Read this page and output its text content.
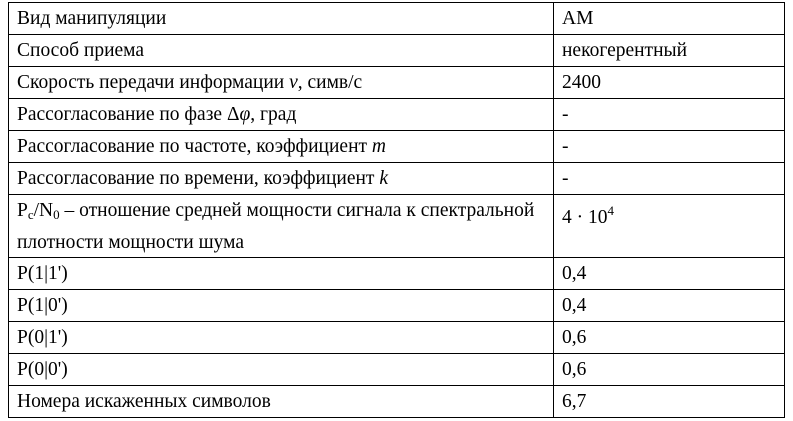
Вид манипуляции	АМ
Способ приема	некогерентный
Скорость передачи информации v, симв/с	2400
Рассогласование по фазе Δφ, град	-
Рассогласование по частоте, коэффициент m	-
Рассогласование по времени, коэффициент k	-
$P_c/N_0$ – отношение средней мощности сигнала к спектральной плотности мощности шума	$4 \cdot 10^4$
P(1|1')	0,4
P(1|0')	0,4
P(0|1')	0,6
P(0|0')	0,6
Номера искаженных символов	6,7
